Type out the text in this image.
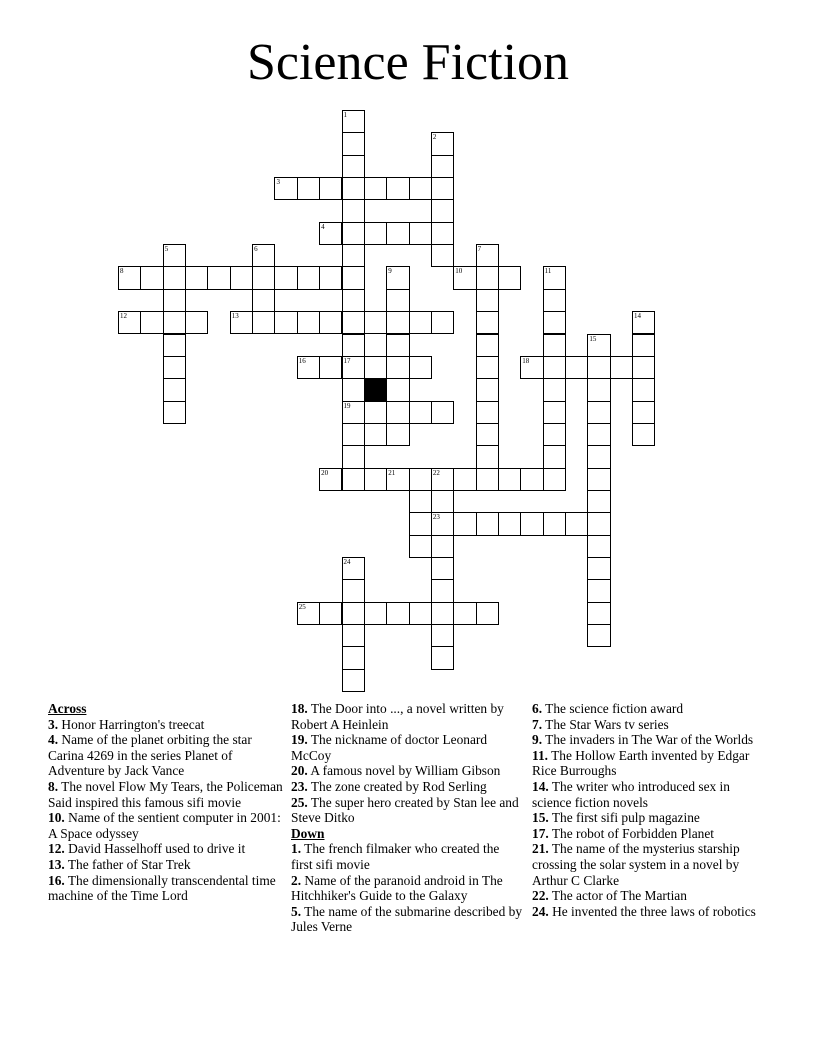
Science Fiction
3
4
8	10
12	13
16	17	18
19
20	21	22
23
25
1
2
5	6	7
9	11
14
15
24
Across
3. Honor Harrington's treecat
4. Name of the planet orbiting the star Carina 4269 in the series Planet of Adventure by Jack Vance
8. The novel Flow My Tears, the Policeman Said inspired this famous sifi movie
10. Name of the sentient computer in 2001: A Space odyssey
12. David Hasselhoff used to drive it
13. The father of Star Trek
16. The dimensionally transcendental time machine of the Time Lord
18. The Door into ..., a novel written by Robert A Heinlein
19. The nickname of doctor Leonard McCoy
20. A famous novel by William Gibson
23. The zone created by Rod Serling
25. The super hero created by Stan lee and Steve Ditko
Down
1. The french filmaker who created the first sifi movie
2. Name of the paranoid android in The Hitchhiker's Guide to the Galaxy
5. The name of the submarine described by Jules Verne
6. The science fiction award
7. The Star Wars tv series
9. The invaders in The War of the Worlds
11. The Hollow Earth invented by Edgar Rice Burroughs
14. The writer who introduced sex in science fiction novels
15. The first sifi pulp magazine
17. The robot of Forbidden Planet
21. The name of the mysterius starship crossing the solar system in a novel by Arthur C Clarke
22. The actor of The Martian
24. He invented the three laws of robotics
